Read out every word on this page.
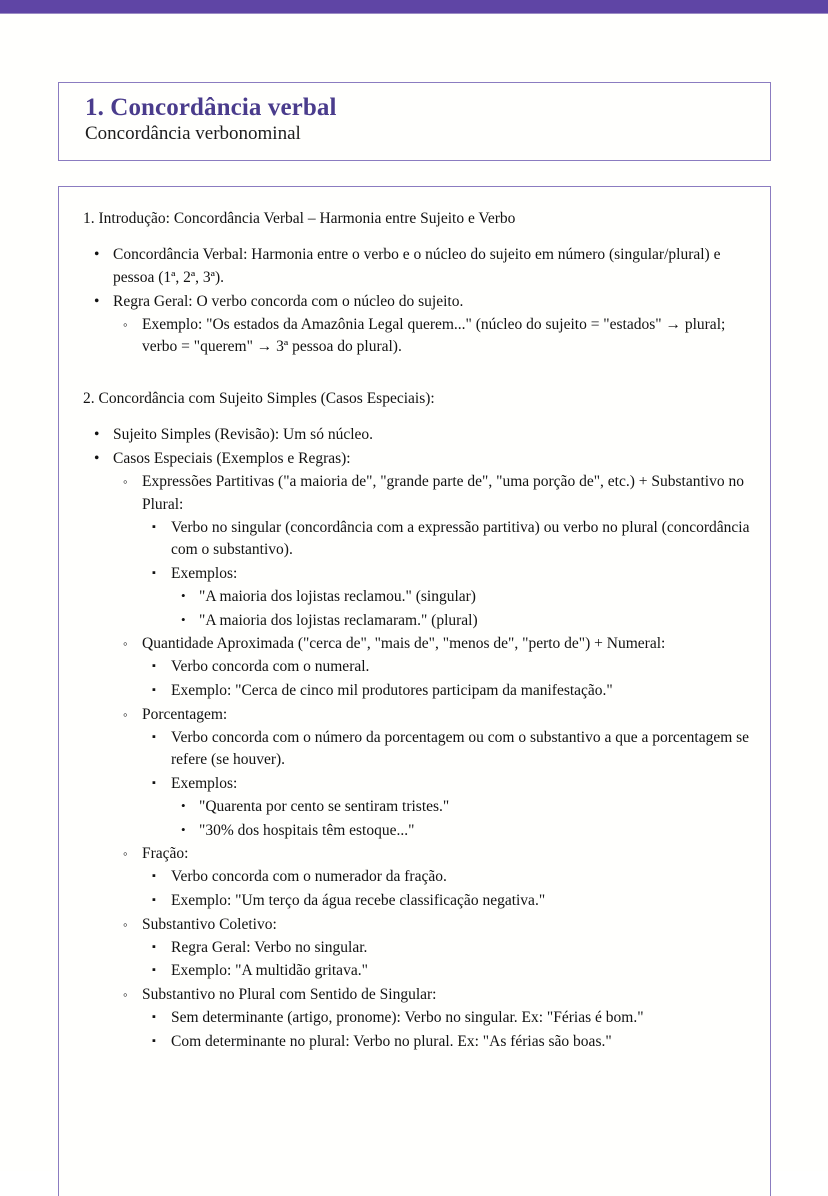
1. Concordância verbal
Concordância verbonominal

1. Introdução: Concordância Verbal – Harmonia entre Sujeito e Verbo

• Concordância Verbal: Harmonia entre o verbo e o núcleo do sujeito em número (singular/plural) e pessoa (1ª, 2ª, 3ª).
• Regra Geral: O verbo concorda com o núcleo do sujeito.
◦ Exemplo: "Os estados da Amazônia Legal querem..." (núcleo do sujeito = "estados" → plural; verbo = "querem" → 3ª pessoa do plural).

2. Concordância com Sujeito Simples (Casos Especiais):

• Sujeito Simples (Revisão): Um só núcleo.
• Casos Especiais (Exemplos e Regras):
◦ Expressões Partitivas ("a maioria de", "grande parte de", "uma porção de", etc.) + Substantivo no Plural:
▪ Verbo no singular (concordância com a expressão partitiva) ou verbo no plural (concordância com o substantivo).
▪ Exemplos:
• "A maioria dos lojistas reclamou." (singular)
• "A maioria dos lojistas reclamaram." (plural)
◦ Quantidade Aproximada ("cerca de", "mais de", "menos de", "perto de") + Numeral:
▪ Verbo concorda com o numeral.
▪ Exemplo: "Cerca de cinco mil produtores participam da manifestação."
◦ Porcentagem:
▪ Verbo concorda com o número da porcentagem ou com o substantivo a que a porcentagem se refere (se houver).
▪ Exemplos:
• "Quarenta por cento se sentiram tristes."
• "30% dos hospitais têm estoque..."
◦ Fração:
▪ Verbo concorda com o numerador da fração.
▪ Exemplo: "Um terço da água recebe classificação negativa."
◦ Substantivo Coletivo:
▪ Regra Geral: Verbo no singular.
▪ Exemplo: "A multidão gritava."
◦ Substantivo no Plural com Sentido de Singular:
▪ Sem determinante (artigo, pronome): Verbo no singular. Ex: "Férias é bom."
▪ Com determinante no plural: Verbo no plural. Ex: "As férias são boas."
